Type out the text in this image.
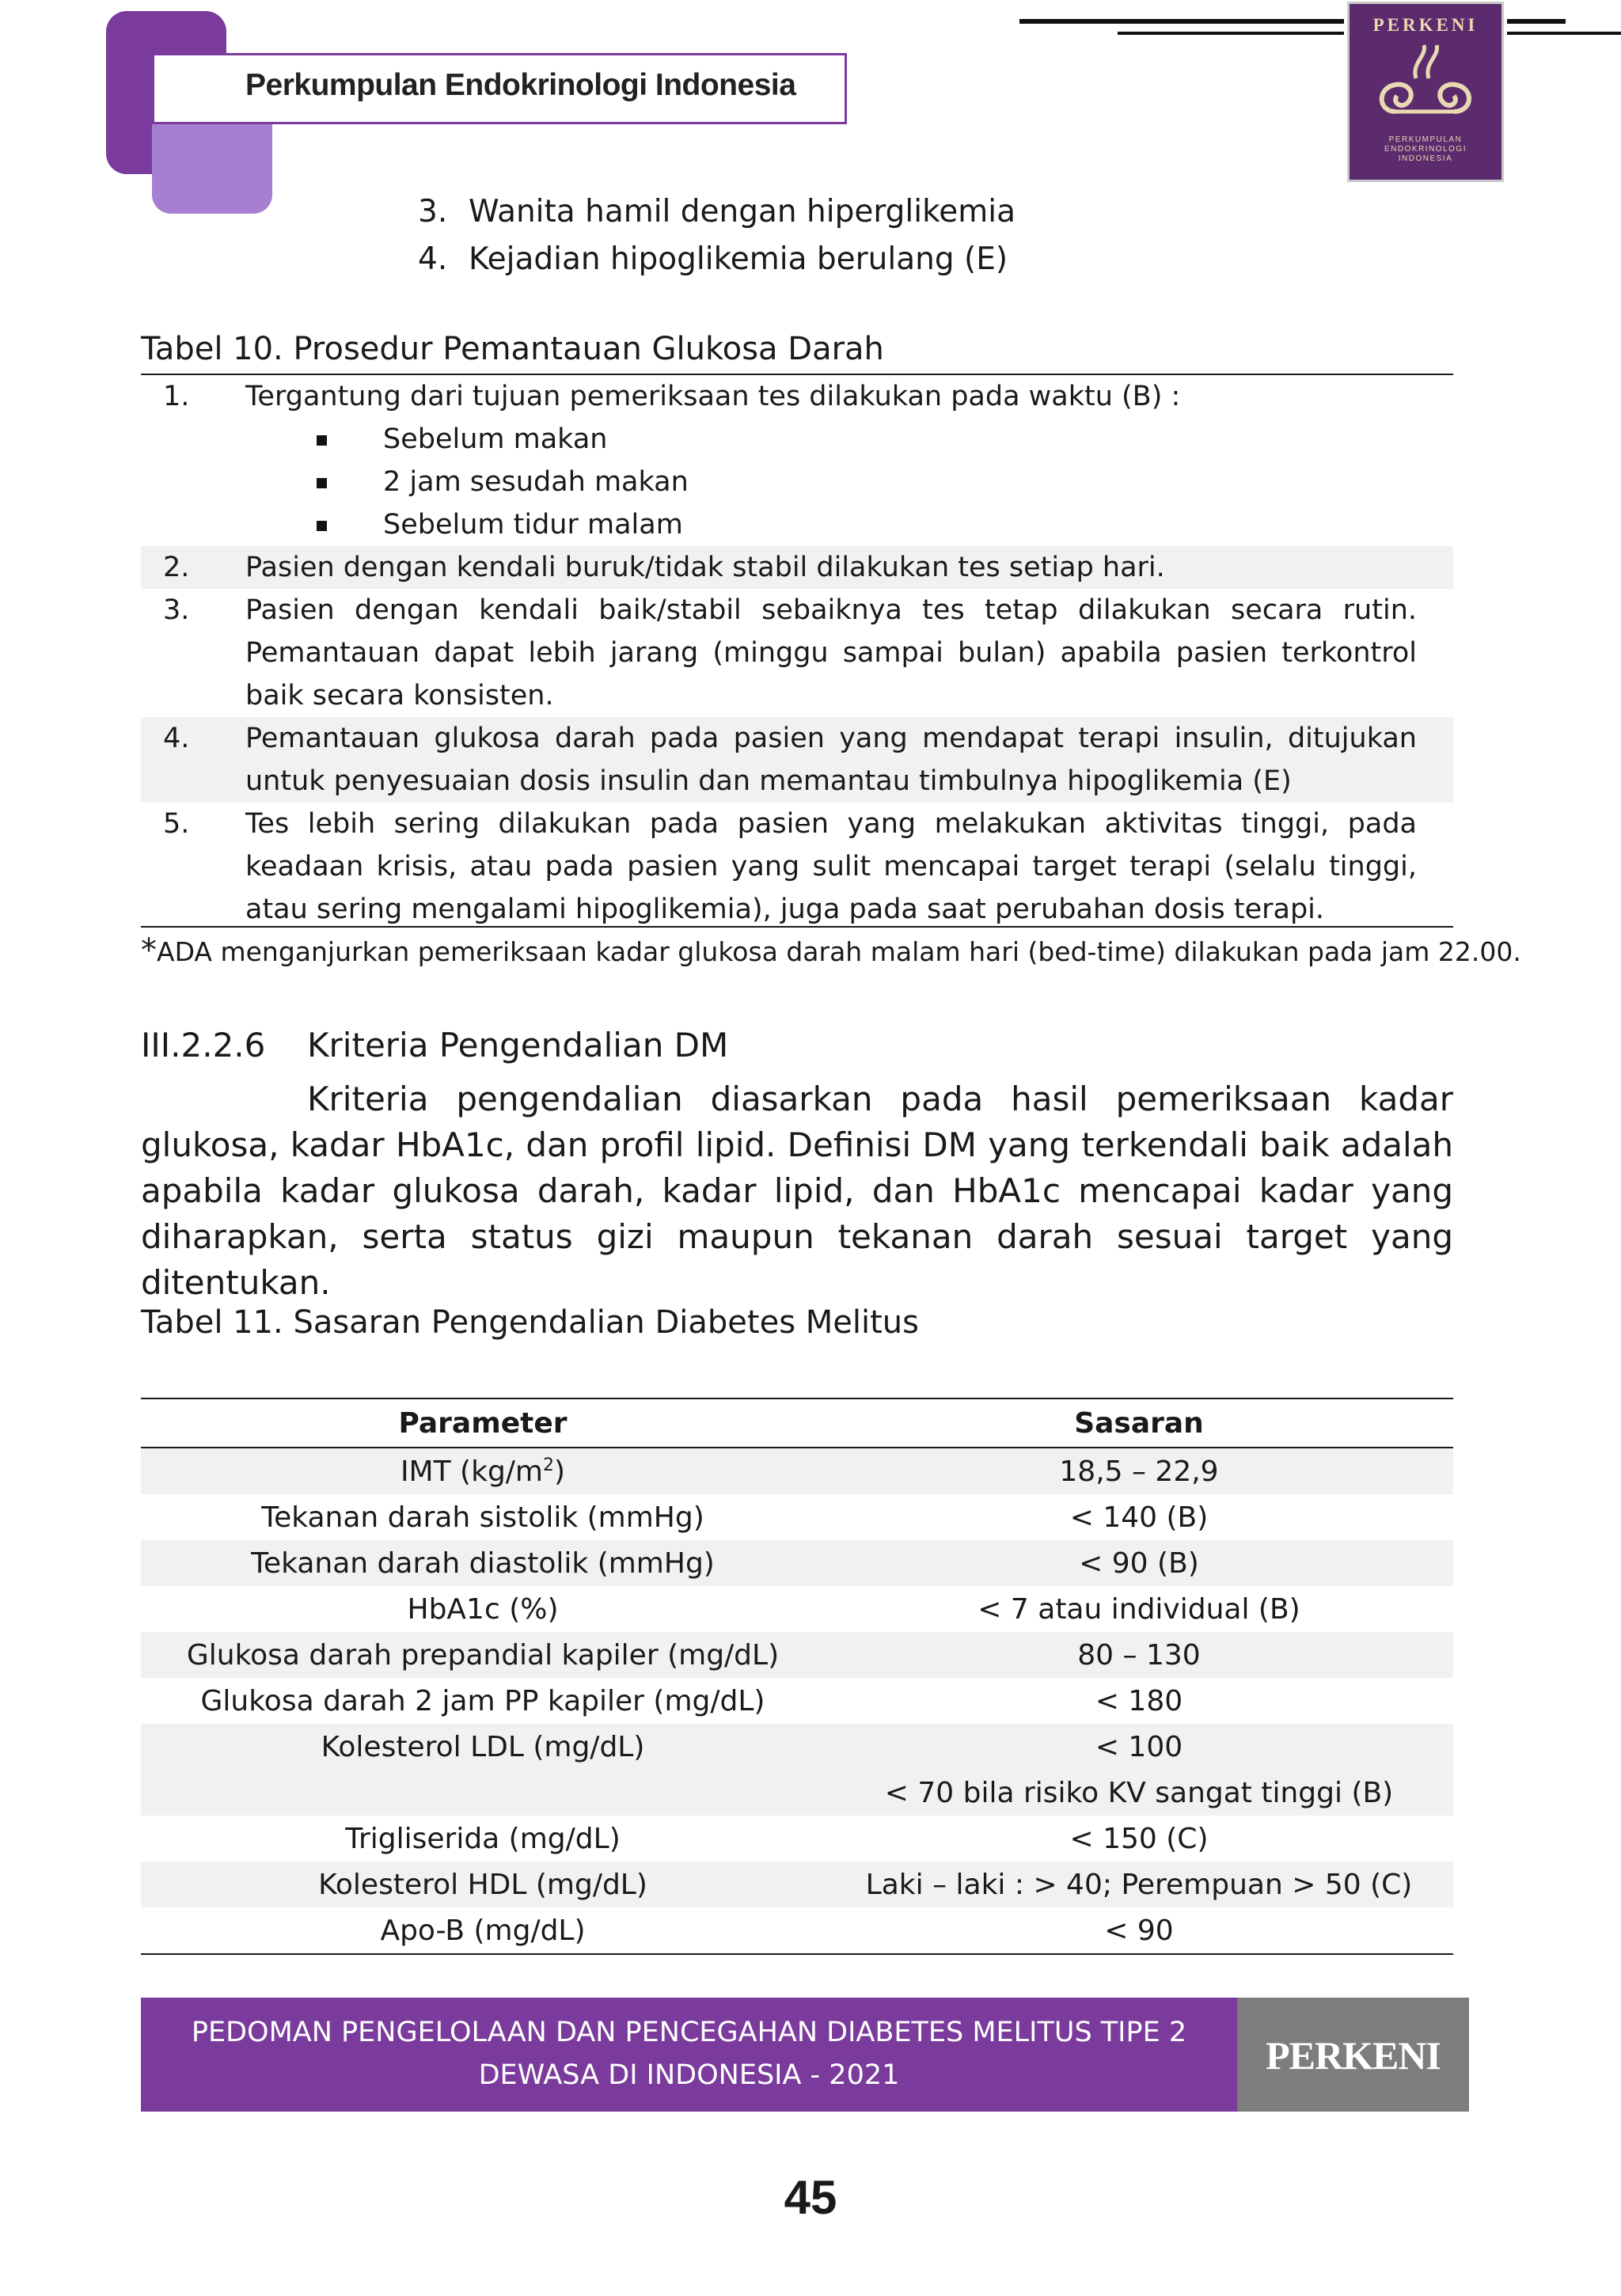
Perkumpulan Endokrinologi Indonesia
PERKENI
PERKUMPULAN
ENDOKRINOLOGI
INDONESIA
3. Wanita hamil dengan hiperglikemia
4. Kejadian hipoglikemia berulang (E)
Tabel 10. Prosedur Pemantauan Glukosa Darah
1. Tergantung dari tujuan pemeriksaan tes dilakukan pada waktu (B) :
Sebelum makan
2 jam sesudah makan
Sebelum tidur malam
2. Pasien dengan kendali buruk/tidak stabil dilakukan tes setiap hari.
3. Pasien dengan kendali baik/stabil sebaiknya tes tetap dilakukan secara rutin. Pemantauan dapat lebih jarang (minggu sampai bulan) apabila pasien terkontrol baik secara konsisten.
4. Pemantauan glukosa darah pada pasien yang mendapat terapi insulin, ditujukan untuk penyesuaian dosis insulin dan memantau timbulnya hipoglikemia (E)
5. Tes lebih sering dilakukan pada pasien yang melakukan aktivitas tinggi, pada keadaan krisis, atau pada pasien yang sulit mencapai target terapi (selalu tinggi, atau sering mengalami hipoglikemia), juga pada saat perubahan dosis terapi.
*ADA menganjurkan pemeriksaan kadar glukosa darah malam hari (bed-time) dilakukan pada jam 22.00.
III.2.2.6 Kriteria Pengendalian DM
Kriteria pengendalian diasarkan pada hasil pemeriksaan kadar glukosa, kadar HbA1c, dan profil lipid. Definisi DM yang terkendali baik adalah apabila kadar glukosa darah, kadar lipid, dan HbA1c mencapai kadar yang diharapkan, serta status gizi maupun tekanan darah sesuai target yang ditentukan.
Tabel 11. Sasaran Pengendalian Diabetes Melitus
Parameter	Sasaran
IMT $(kg/m^2)$	18,5 – 22,9
Tekanan darah sistolik (mmHg)	< 140 (B)
Tekanan darah diastolik (mmHg)	< 90 (B)
HbA1c (%)	< 7 atau individual (B)
Glukosa darah prepandial kapiler (mg/dL)	80 – 130
Glukosa darah 2 jam PP kapiler (mg/dL)	< 180
Kolesterol LDL (mg/dL)	< 100
	< 70 bila risiko KV sangat tinggi (B)
Trigliserida (mg/dL)	< 150 (C)
Kolesterol HDL (mg/dL)	Laki – laki : > 40; Perempuan > 50 (C)
Apo-B (mg/dL)	< 90
PEDOMAN PENGELOLAAN DAN PENCEGAHAN DIABETES MELITUS TIPE 2
DEWASA DI INDONESIA - 2021	PERKENI
45
